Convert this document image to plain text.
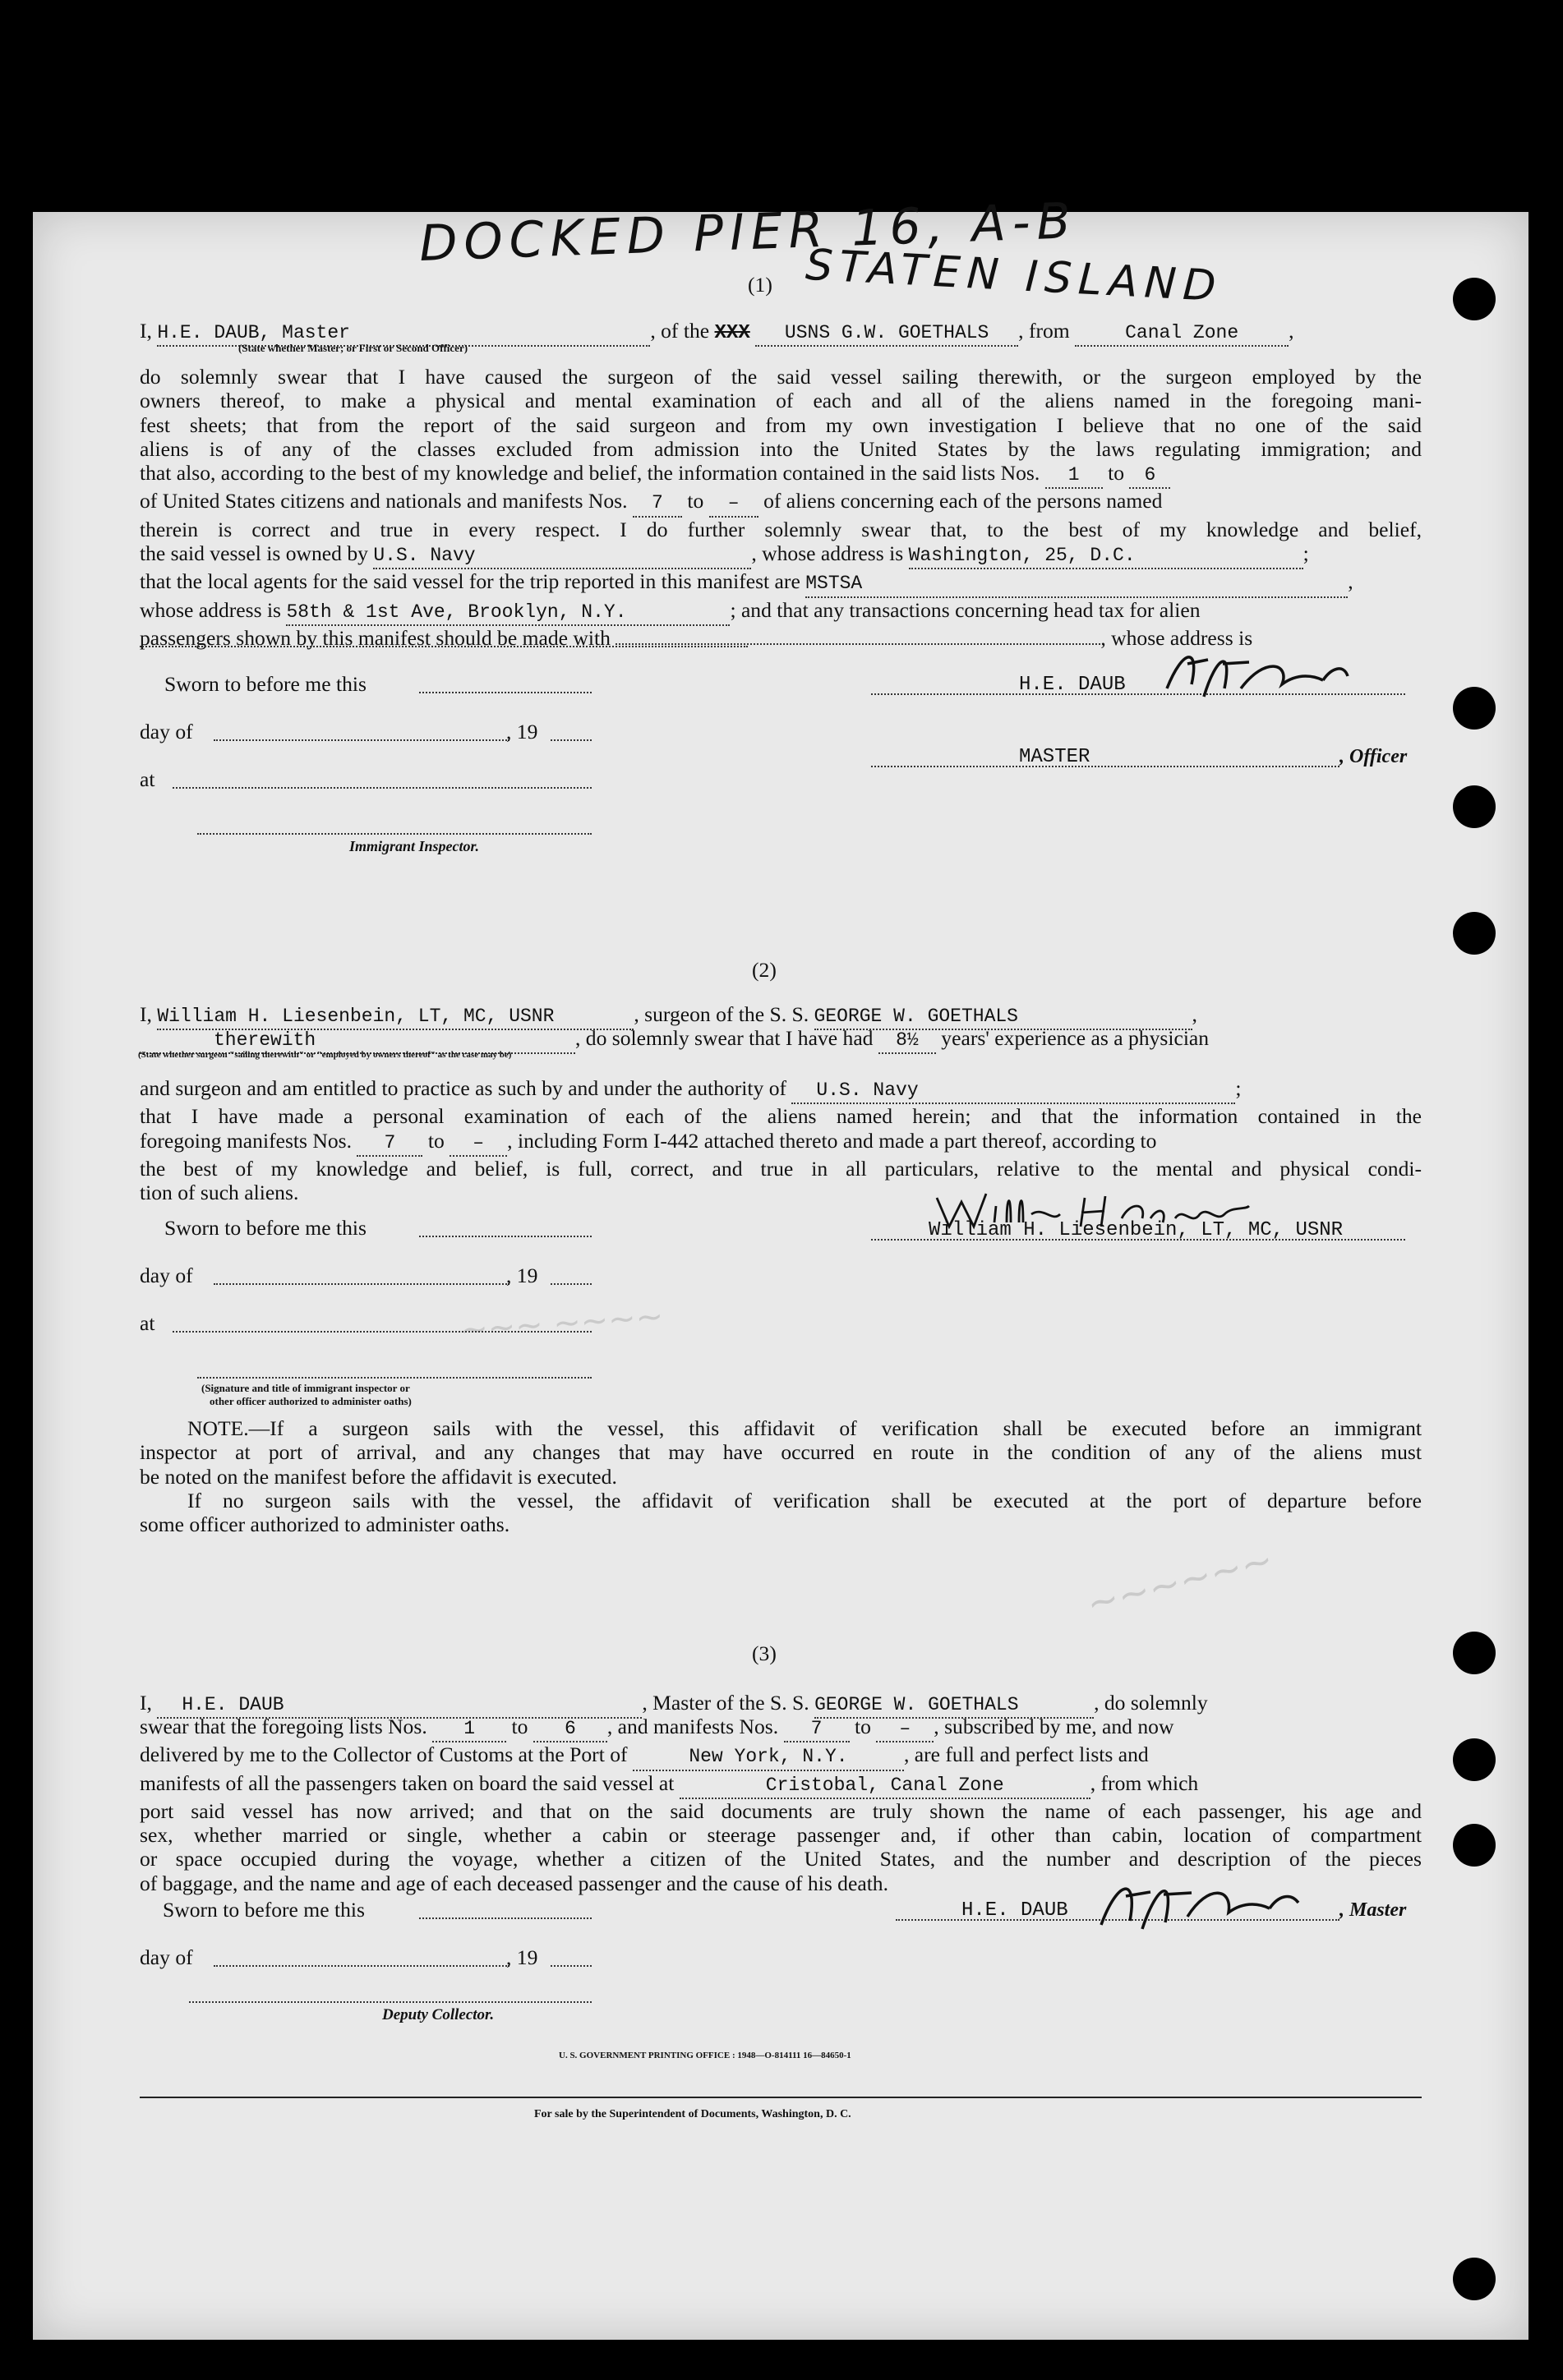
~~~ ~~~~
~~~~~~
DOCKED PIER 16, A-B
STATEN ISLAND
(1)
I, H.E. DAUB, Master	, of the XXX USNS G.W. GOETHALS , from	Canal Zone ,
(State whether Master; or First or Second Officer)
do solemnly swear that I have caused the surgeon of the said vessel sailing therewith, or the surgeon employed by the
owners thereof, to make a physical and mental examination of each and all of the aliens named in the foregoing mani-
fest sheets; that from the report of the said surgeon and from my own investigation I believe that no one of the said
aliens is of any of the classes excluded from admission into the United States by the laws regulating immigration; and
that also, according to the best of my knowledge and belief, the information contained in the said lists Nos. 1 to 6
of United States citizens and nationals and manifests Nos. 7 to – of aliens concerning each of the persons named
therein is correct and true in every respect. I do further solemnly swear that, to the best of my knowledge and belief,
the said vessel is owned by U.S. Navy	, whose address is Washington, 25, D.C.	;
that the local agents for the said vessel for the trip reported in this manifest are MSTSA	,
whose address is 58th & 1st Ave, Brooklyn, N.Y.	; and that any transactions concerning head tax for alien
passengers shown by this manifest should be made with	, whose address is
Sworn to before me this
day of	, 19
at
Immigrant Inspector.
H.E. DAUB
MASTER	, Officer
(2)
I, William H. Liesenbein, LT, MC, USNR	, surgeon of the S. S. GEORGE W. GOETHALS	,
therewith	, do solemnly swear that I have had 8½ years' experience as a physician
(State whether surgeon "sailing therewith" or "employed by owners thereof" as the case may be)
and surgeon and am entitled to practice as such by and under the authority of U.S. Navy	;
that I have made a personal examination of each of the aliens named herein; and that the information contained in the
foregoing manifests Nos. 7 to – , including Form I-442 attached thereto and made a part thereof, according to
the best of my knowledge and belief, is full, correct, and true in all particulars, relative to the mental and physical condi-
tion of such aliens.
Sworn to before me this
day of	, 19
at
(Signature and title of immigrant inspector or
other officer authorized to administer oaths)
William H. Liesenbein, LT, MC, USNR
NOTE.—If a surgeon sails with the vessel, this affidavit of verification shall be executed before an immigrant
inspector at port of arrival, and any changes that may have occurred en route in the condition of any of the aliens must
be noted on the manifest before the affidavit is executed.
If no surgeon sails with the vessel, the affidavit of verification shall be executed at the port of departure before
some officer authorized to administer oaths.
(3)
I, H.E. DAUB	, Master of the S. S. GEORGE W. GOETHALS	, do solemnly
swear that the foregoing lists Nos. 1 to 6 , and manifests Nos. 7 to – , subscribed by me, and now
delivered by me to the Collector of Customs at the Port of	New York, N.Y.	, are full and perfect lists and
manifests of all the passengers taken on board the said vessel at	Cristobal, Canal Zone	, from which
port said vessel has now arrived; and that on the said documents are truly shown the name of each passenger, his age and
sex, whether married or single, whether a cabin or steerage passenger and, if other than cabin, location of compartment
or space occupied during the voyage, whether a citizen of the United States, and the number and description of the pieces
of baggage, and the name and age of each deceased passenger and the cause of his death.
Sworn to before me this
day of	, 19
Deputy Collector.
H.E. DAUB	, Master
U. S. GOVERNMENT PRINTING OFFICE : 1948—O-814111 16—84650-1
For sale by the Superintendent of Documents, Washington, D. C.
